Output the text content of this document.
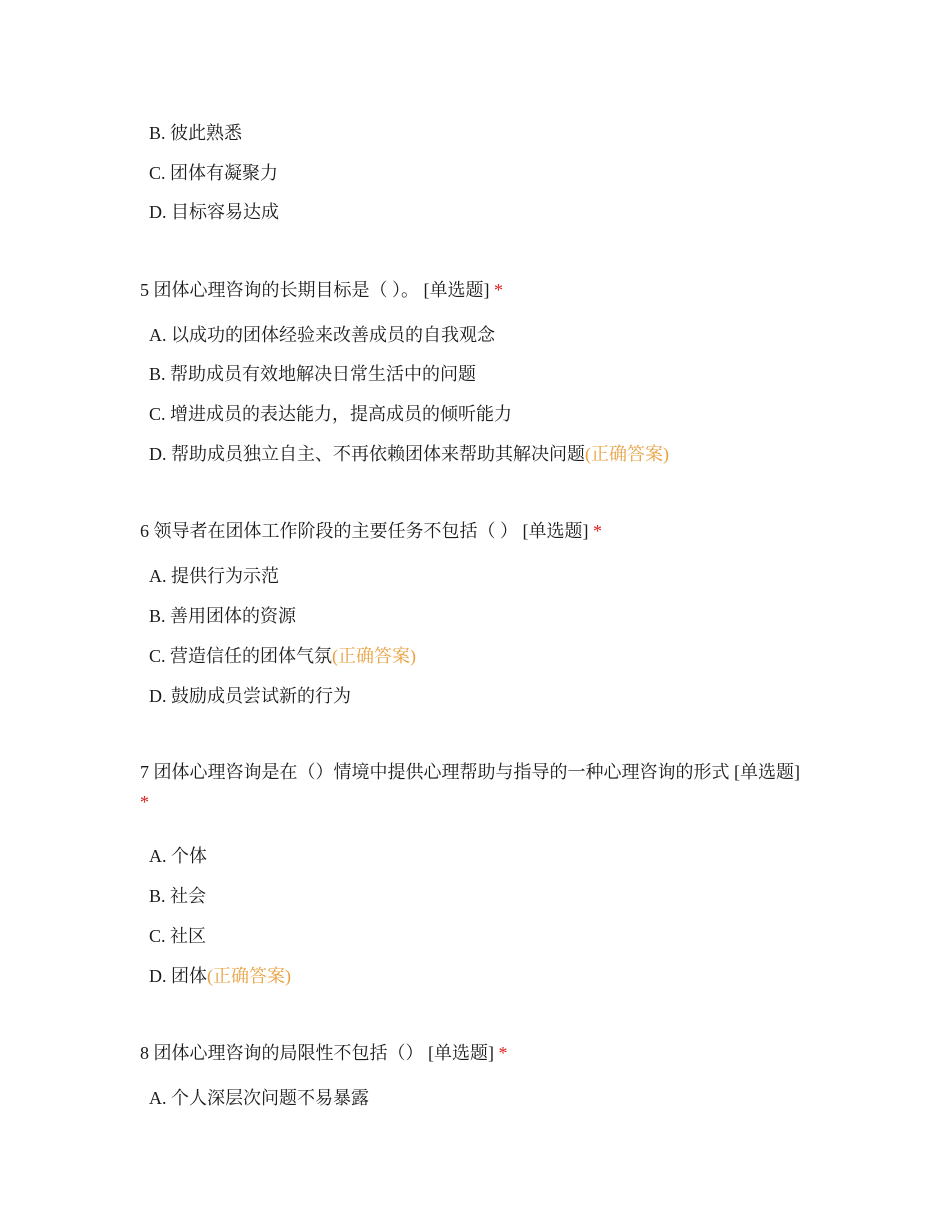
B. 彼此熟悉
C. 团体有凝聚力
D. 目标容易达成
5 团体心理咨询的长期目标是（ ）。 [单选题] *
A. 以成功的团体经验来改善成员的自我观念
B. 帮助成员有效地解决日常生活中的问题
C. 增进成员的表达能力，提高成员的倾听能力
D. 帮助成员独立自主、不再依赖团体来帮助其解决问题(正确答案)
6 领导者在团体工作阶段的主要任务不包括（ ） [单选题] *
A. 提供行为示范
B. 善用团体的资源
C. 营造信任的团体气氛(正确答案)
D. 鼓励成员尝试新的行为
7 团体心理咨询是在（）情境中提供心理帮助与指导的一种心理咨询的形式 [单选题] *
A. 个体
B. 社会
C. 社区
D. 团体(正确答案)
8 团体心理咨询的局限性不包括（） [单选题] *
A. 个人深层次问题不易暴露
